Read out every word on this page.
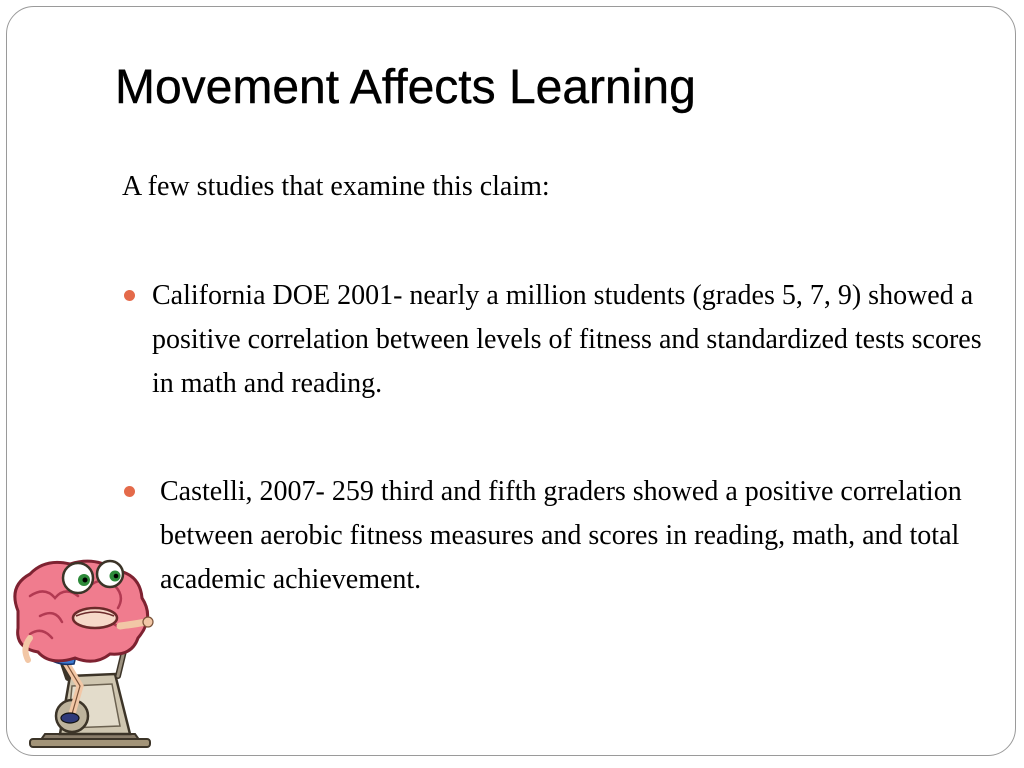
Movement Affects Learning

A few studies that examine this claim:

California DOE 2001- nearly a million students (grades 5, 7, 9) showed a positive correlation between levels of fitness and standardized tests scores in math and reading.
Castelli, 2007- 259 third and fifth graders showed a positive correlation between aerobic fitness measures and scores in reading, math, and total academic achievement.
